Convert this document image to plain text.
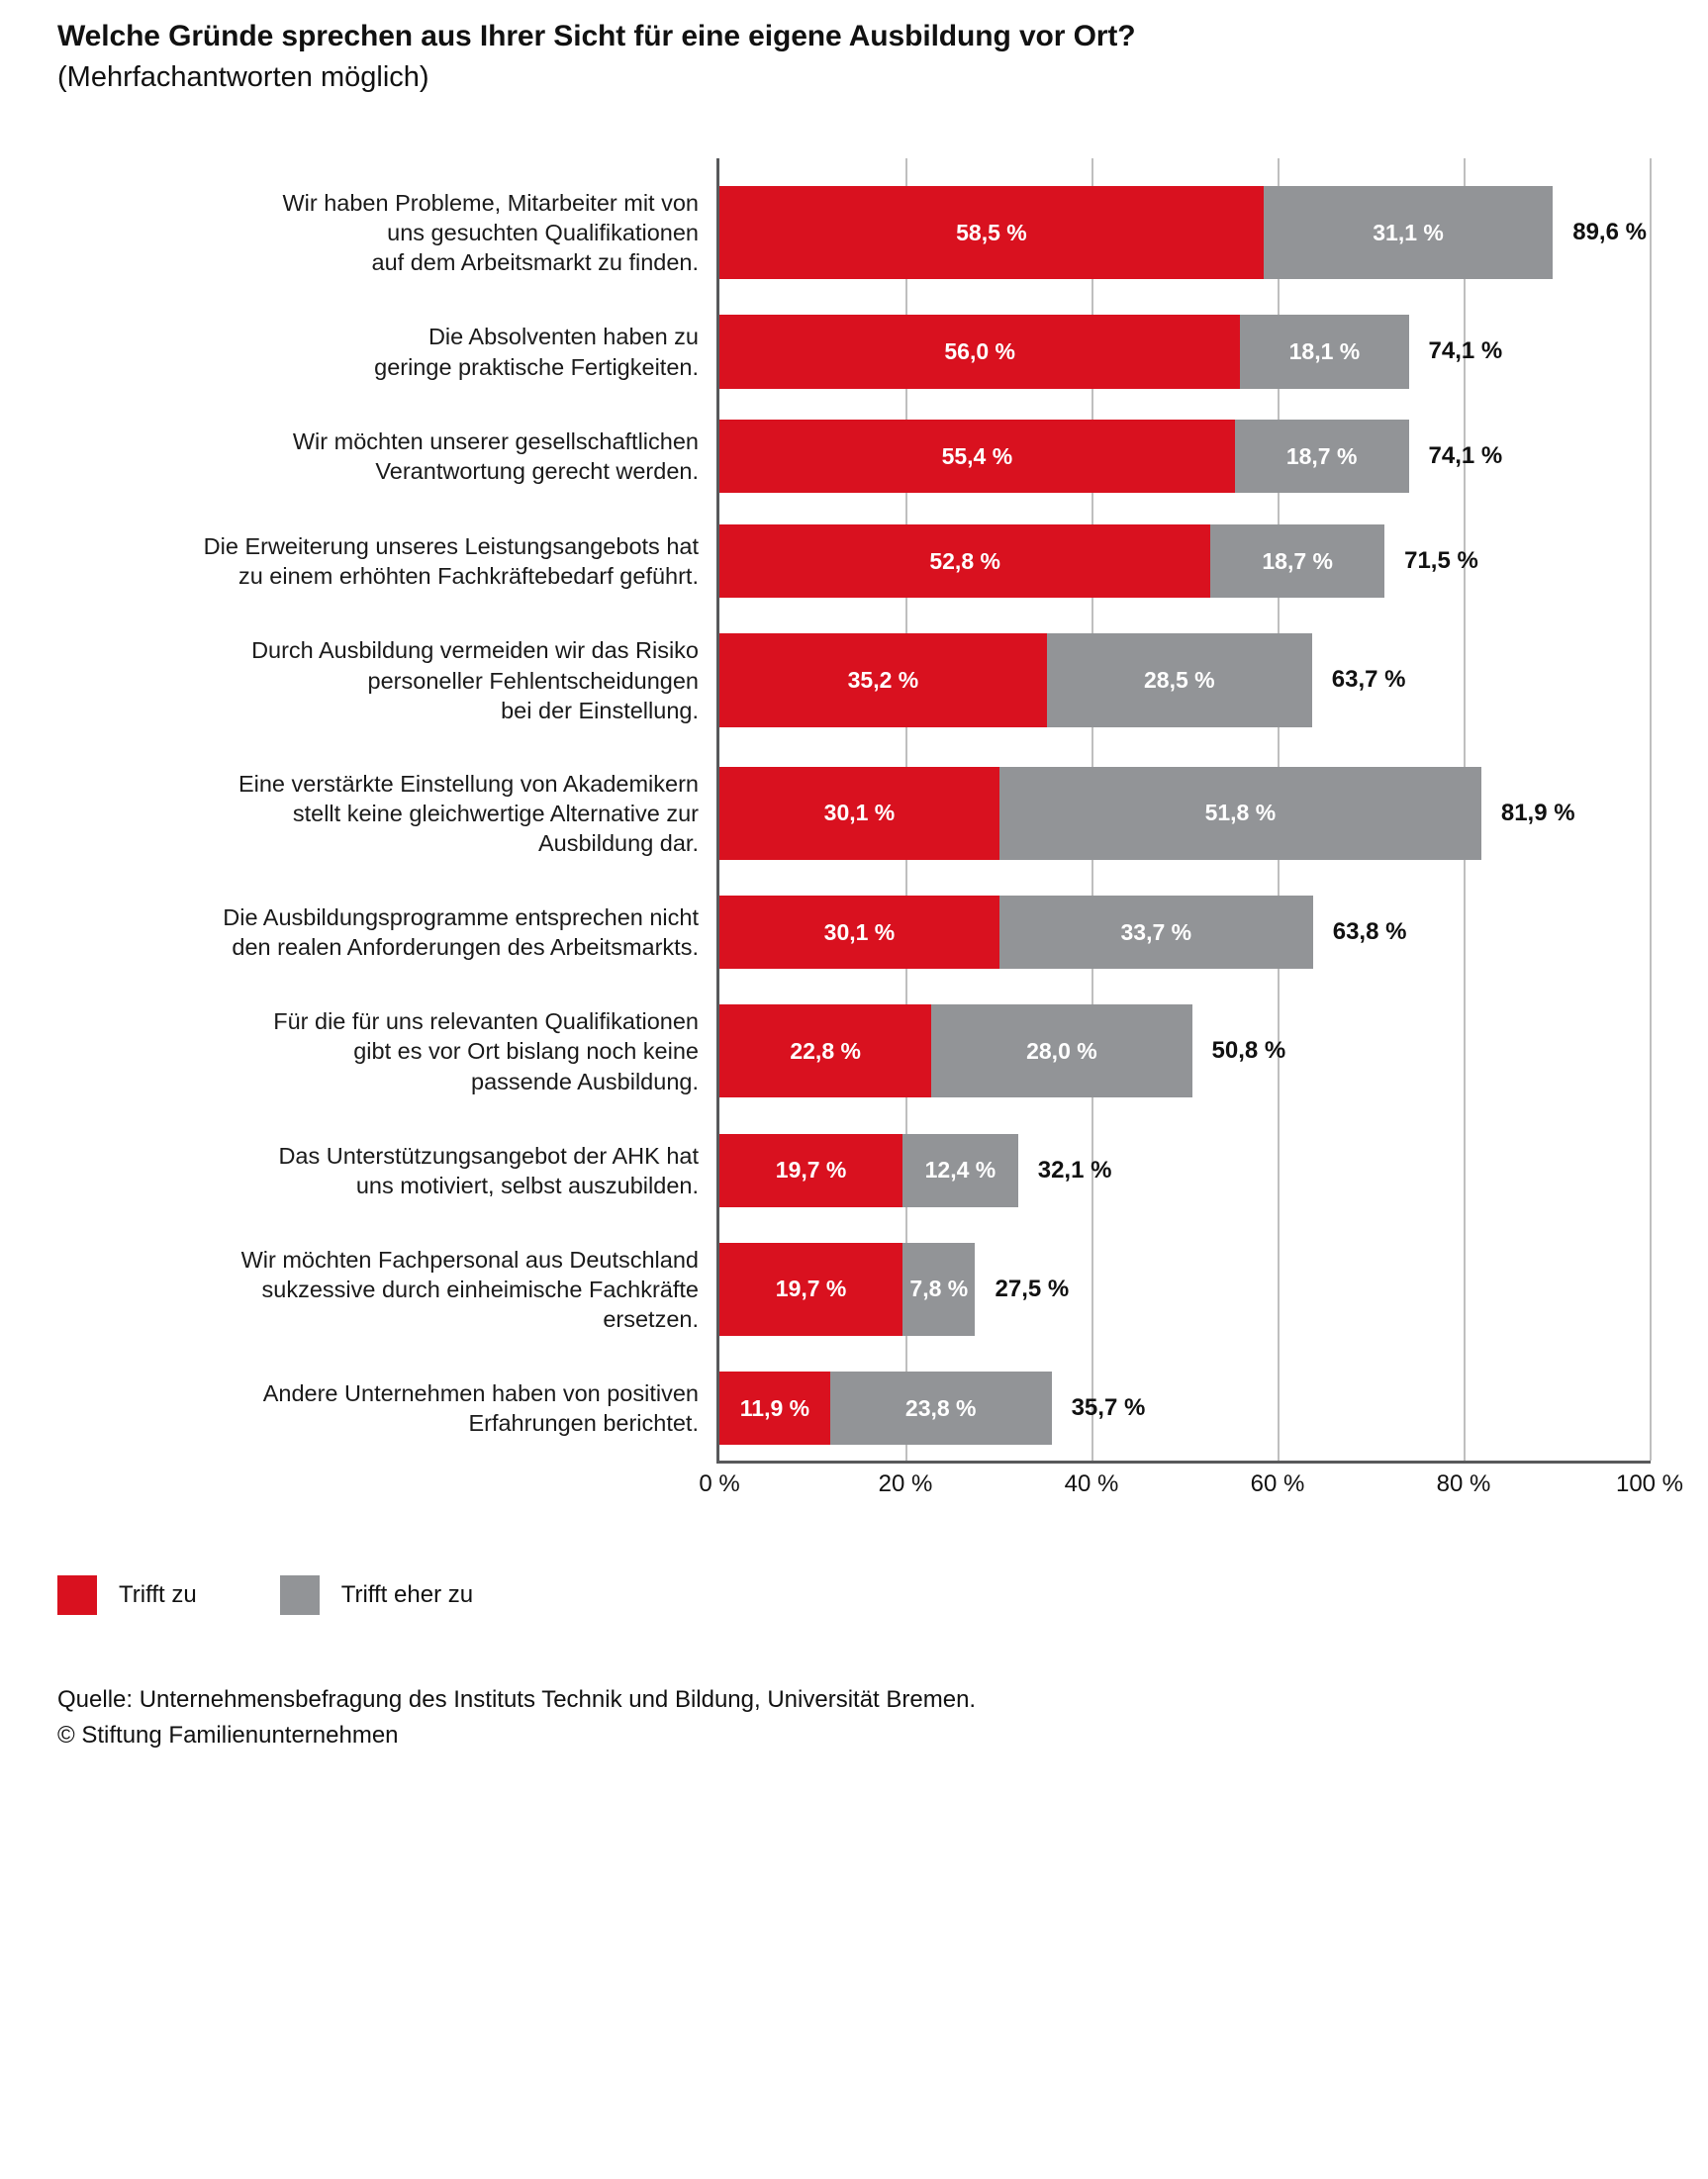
Welche Gründe sprechen aus Ihrer Sicht für eine eigene Ausbildung vor Ort?
(Mehrfachantworten möglich)
Wir haben Probleme, Mitarbeiter mit von
uns gesuchten Qualifikationen
auf dem Arbeitsmarkt zu finden.
58,5 %	31,1 %	89,6 %
Die Absolventen haben zu
geringe praktische Fertigkeiten.
56,0 %	18,1 %	74,1 %
Wir möchten unserer gesellschaftlichen
Verantwortung gerecht werden.
55,4 %	18,7 %	74,1 %
Die Erweiterung unseres Leistungsangebots hat
zu einem erhöhten Fachkräftebedarf geführt.
52,8 %	18,7 %	71,5 %
Durch Ausbildung vermeiden wir das Risiko
personeller Fehlentscheidungen
bei der Einstellung.
35,2 %	28,5 %	63,7 %
Eine verstärkte Einstellung von Akademikern
stellt keine gleichwertige Alternative zur
Ausbildung dar.
30,1 %	51,8 %	81,9 %
Die Ausbildungsprogramme entsprechen nicht
den realen Anforderungen des Arbeitsmarkts.
30,1 %	33,7 %	63,8 %
Für die für uns relevanten Qualifikationen
gibt es vor Ort bislang noch keine
passende Ausbildung.
22,8 %	28,0 %	50,8 %
Das Unterstützungsangebot der AHK hat
uns motiviert, selbst auszubilden.
19,7 %	12,4 % 32,1 %
Wir möchten Fachpersonal aus Deutschland
sukzessive durch einheimische Fachkräfte
ersetzen.
19,7 %	7,8 % 27,5 %
Andere Unternehmen haben von positiven
Erfahrungen berichtet.
11,9 %	23,8 %	35,7 %
0 %	20 %	40 %	60 %	80 %	100 %
Trifft zu	Trifft eher zu
Quelle: Unternehmensbefragung des Instituts Technik und Bildung, Universität Bremen.
© Stiftung Familienunternehmen
